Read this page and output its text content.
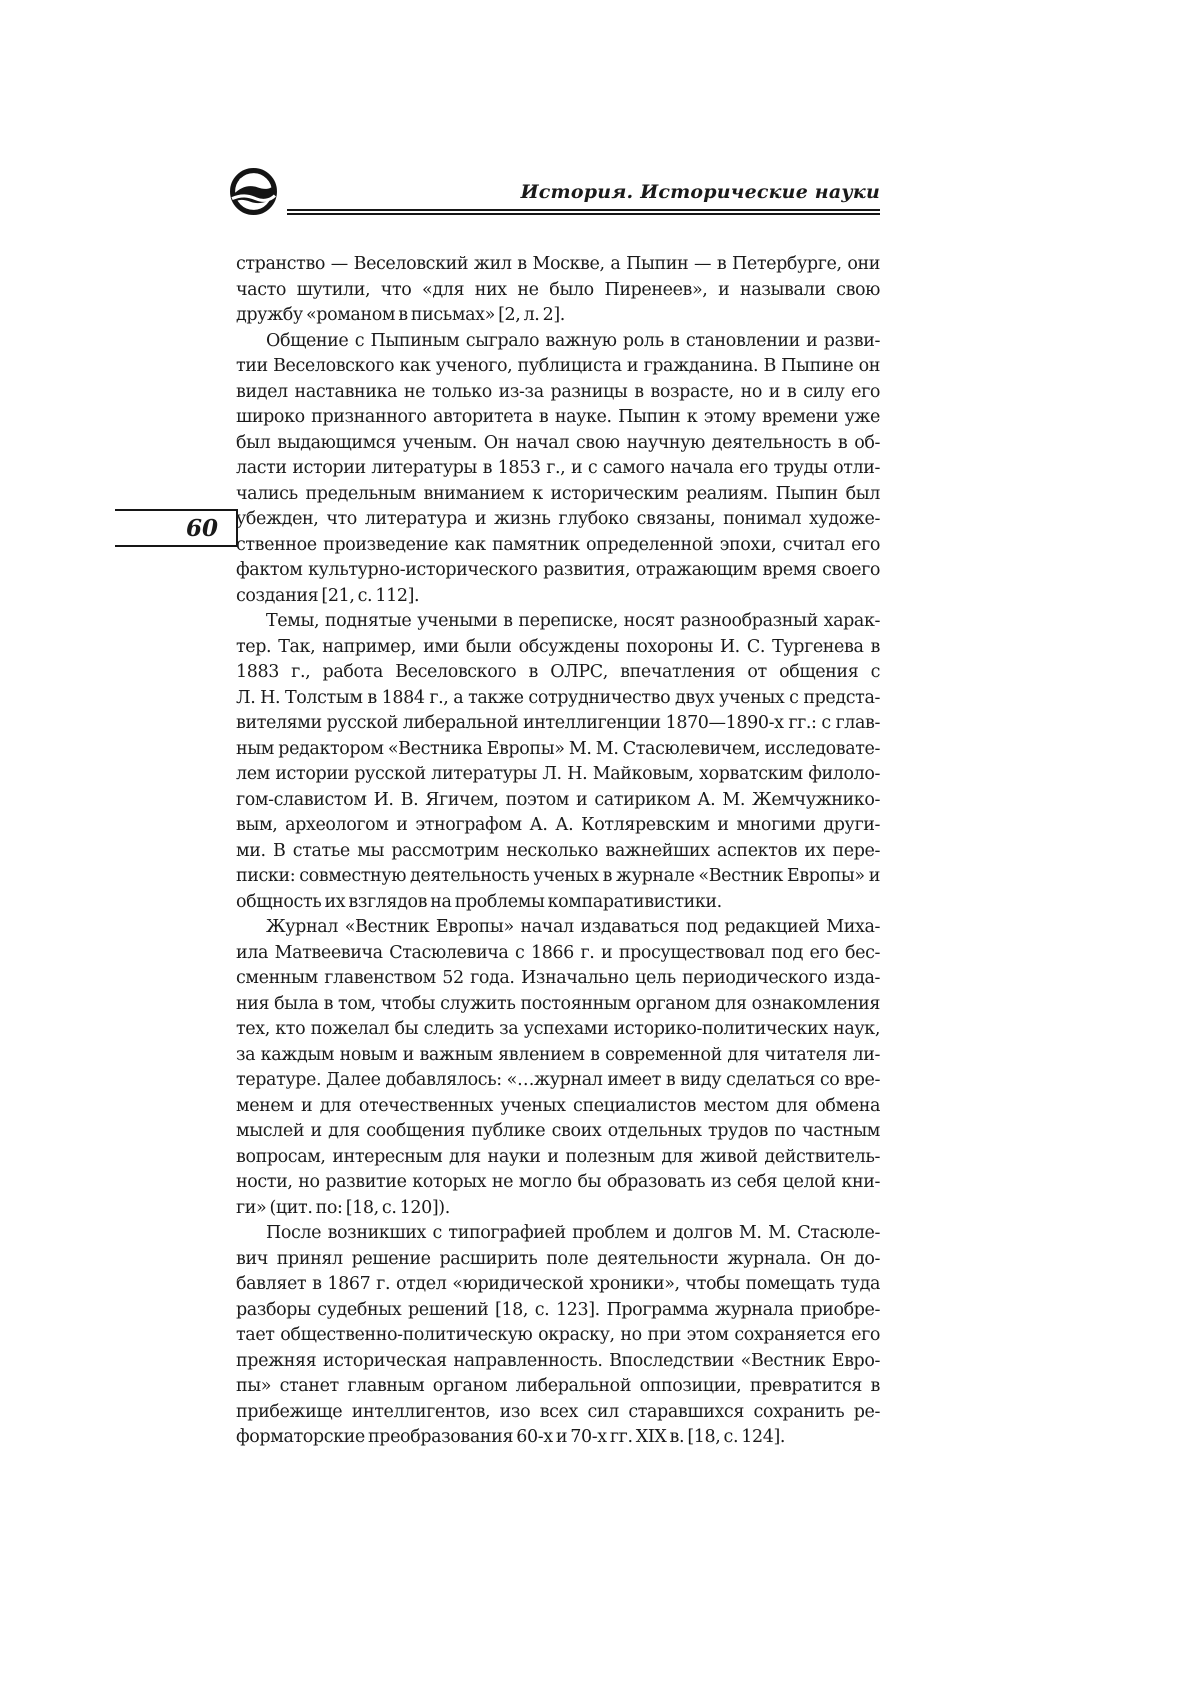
История. Исторические науки
60
странство — Веселовский жил в Москве, а Пыпин — в Петербурге, они
часто шутили, что «для них не было Пиренеев», и называли свою
дружбу «романом в письмах» [2, л. 2].
Общение с Пыпиным сыграло важную роль в становлении и разви-
тии Веселовского как ученого, публициста и гражданина. В Пыпине он
видел наставника не только из-за разницы в возрасте, но и в силу его
широко признанного авторитета в науке. Пыпин к этому времени уже
был выдающимся ученым. Он начал свою научную деятельность в об-
ласти истории литературы в 1853 г., и с самого начала его труды отли-
чались предельным вниманием к историческим реалиям. Пыпин был
убежден, что литература и жизнь глубоко связаны, понимал художе-
ственное произведение как памятник определенной эпохи, считал его
фактом культурно-исторического развития, отражающим время своего
создания [21, с. 112].
Темы, поднятые учеными в переписке, носят разнообразный харак-
тер. Так, например, ими были обсуждены похороны И. С. Тургенева в
1883 г., работа Веселовского в ОЛРС, впечатления от общения с
Л. Н. Толстым в 1884 г., а также сотрудничество двух ученых с предста-
вителями русской либеральной интеллигенции 1870—1890-х гг.: с глав-
ным редактором «Вестника Европы» М. М. Стасюлевичем, исследовате-
лем истории русской литературы Л. Н. Майковым, хорватским филоло-
гом-славистом И. В. Ягичем, поэтом и сатириком А. М. Жемчужнико-
вым, археологом и этнографом А. А. Котляревским и многими други-
ми. В статье мы рассмотрим несколько важнейших аспектов их пере-
писки: совместную деятельность ученых в журнале «Вестник Европы» и
общность их взглядов на проблемы компаративистики.
Журнал «Вестник Европы» начал издаваться под редакцией Миха-
ила Матвеевича Стасюлевича с 1866 г. и просуществовал под его бес-
сменным главенством 52 года. Изначально цель периодического изда-
ния была в том, чтобы служить постоянным органом для ознакомления
тех, кто пожелал бы следить за успехами историко-политических наук,
за каждым новым и важным явлением в современной для читателя ли-
тературе. Далее добавлялось: «…журнал имеет в виду сделаться со вре-
менем и для отечественных ученых специалистов местом для обмена
мыслей и для сообщения публике своих отдельных трудов по частным
вопросам, интересным для науки и полезным для живой действитель-
ности, но развитие которых не могло бы образовать из себя целой кни-
ги» (цит. по: [18, с. 120]).
После возникших с типографией проблем и долгов М. М. Стасюле-
вич принял решение расширить поле деятельности журнала. Он до-
бавляет в 1867 г. отдел «юридической хроники», чтобы помещать туда
разборы судебных решений [18, с. 123]. Программа журнала приобре-
тает общественно-политическую окраску, но при этом сохраняется его
прежняя историческая направленность. Впоследствии «Вестник Евро-
пы» станет главным органом либеральной оппозиции, превратится в
прибежище интеллигентов, изо всех сил старавшихся сохранить ре-
форматорские преобразования 60-х и 70-х гг. XIX в. [18, с. 124].
